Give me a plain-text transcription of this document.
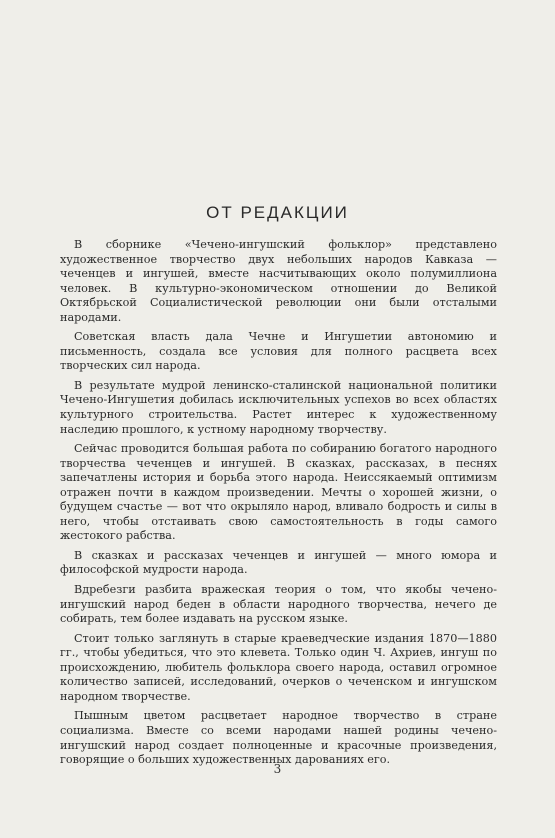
ОТ РЕДАКЦИИ

В сборнике «Чечено-ингушский фольклор» представлено художественное творчество двух небольших народов Кавказа — чеченцев и ингушей, вместе насчитывающих около полумиллиона человек. В культурно-экономическом отношении до Великой Октябрьской Социалистической революции они были отсталыми народами.

Советская власть дала Чечне и Ингушетии автономию и письменность, создала все условия для полного расцвета всех творческих сил народа.

В результате мудрой ленинско-сталинской национальной политики Чечено-Ингушетия добилась исключительных успехов во всех областях культурного строительства. Растет интерес к художественному наследию прошлого, к устному народному творчеству.

Сейчас проводится большая работа по собиранию богатого народного творчества чеченцев и ингушей. В сказках, рассказах, в песнях запечатлены история и борьба этого народа. Неиссякаемый оптимизм отражен почти в каждом произведении. Мечты о хорошей жизни, о будущем счастье — вот что окрыляло народ, вливало бодрость и силы в него, чтобы отстаивать свою самостоятельность в годы самого жестокого рабства.

В сказках и рассказах чеченцев и ингушей — много юмора и философской мудрости народа.

Вдребезги разбита вражеская теория о том, что якобы чечено-ингушский народ беден в области народного творчества, нечего де собирать, тем более издавать на русском языке.

Стоит только заглянуть в старые краеведческие издания 1870—1880 гг., чтобы убедиться, что это клевета. Только один Ч. Ахриев, ингуш по происхождению, любитель фольклора своего народа, оставил огромное количество записей, исследований, очерков о чеченском и ингушском народном творчестве.

Пышным цветом расцветает народное творчество в стране социализма. Вместе со всеми народами нашей родины чечено-ингушский народ создает полноценные и красочные произведения, говорящие о больших художественных дарованиях его.

3
